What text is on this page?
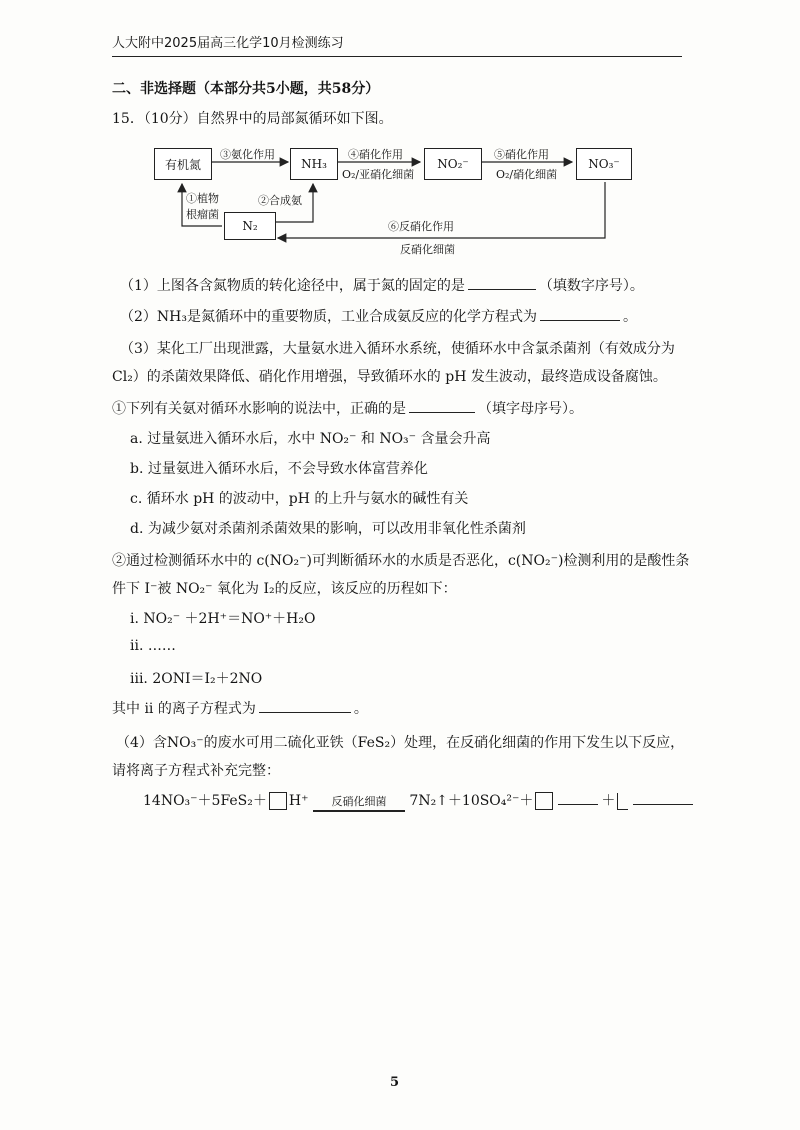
人大附中2025届高三化学10月检测练习
二、非选择题（本部分共5小题，共58分）
15．（10分）自然界中的局部氮循环如下图。
有机氮	NH₃	NO₂⁻	NO₃⁻
N₂
③氨化作用	④硝化作用
O₂/亚硝化细菌
⑤硝化作用
O₂/硝化细菌
①植物
根瘤菌
②合成氨
⑥反硝化作用
反硝化细菌
（1）上图各含氮物质的转化途径中，属于氮的固定的是	（填数字序号）。
（2）NH₃是氮循环中的重要物质，工业合成氨反应的化学方程式为	。
（3）某化工厂出现泄露，大量氨水进入循环水系统，使循环水中含氯杀菌剂（有效成分为
Cl₂）的杀菌效果降低、硝化作用增强，导致循环水的 pH 发生波动，最终造成设备腐蚀。
①下列有关氨对循环水影响的说法中，正确的是	（填字母序号）。
a. 过量氨进入循环水后，水中 NO₂⁻ 和 NO₃⁻ 含量会升高
b. 过量氨进入循环水后，不会导致水体富营养化
c. 循环水 pH 的波动中，pH 的上升与氨水的碱性有关
d. 为减少氨对杀菌剂杀菌效果的影响，可以改用非氧化性杀菌剂
②通过检测循环水中的 c(NO₂⁻)可判断循环水的水质是否恶化，c(NO₂⁻)检测利用的是酸性条
件下 I⁻被 NO₂⁻ 氧化为 I₂的反应，该反应的历程如下：
i. NO₂⁻ ＋2H⁺＝NO⁺＋H₂O
ii. ……
iii. 2ONI＝I₂＋2NO
其中 ii 的离子方程式为	。
（4）含NO₃⁻的废水可用二硫化亚铁（FeS₂）处理，在反硝化细菌的作用下发生以下反应，
请将离子方程式补充完整：
14NO₃⁻＋5FeS₂＋ H⁺	反硝化细菌	7N₂↑＋10SO₄²⁻＋	＋
5
